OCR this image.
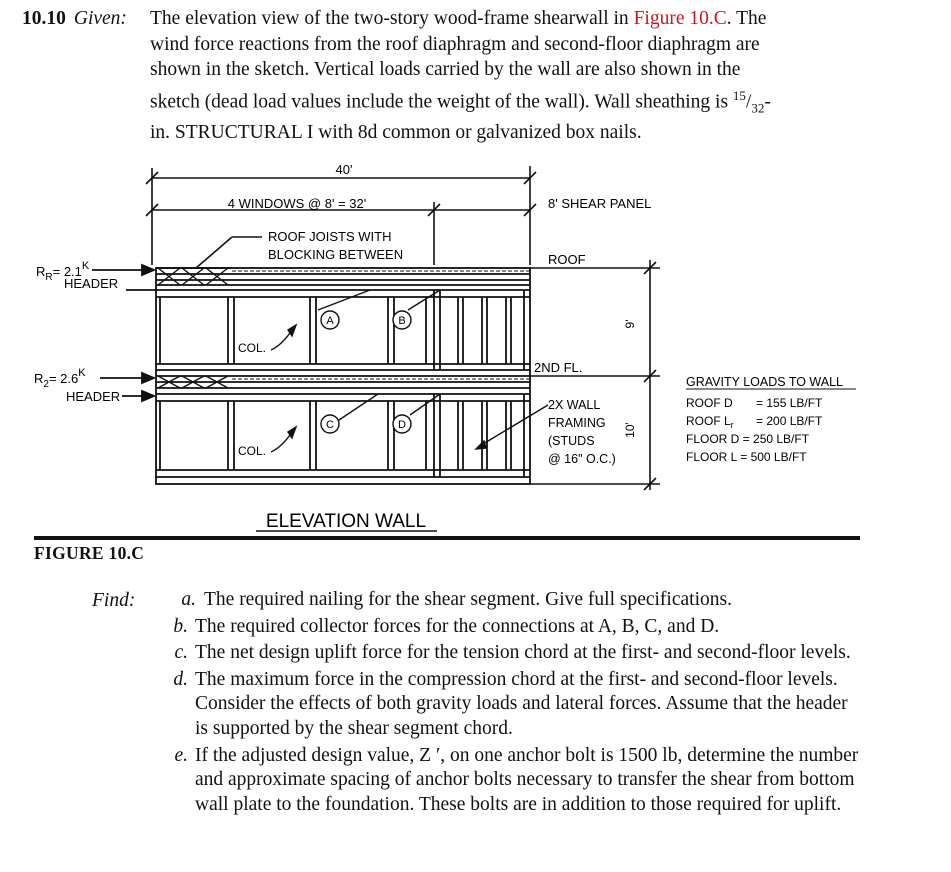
10.10 Given: The elevation view of the two-story wood-frame shearwall in Figure 10.C. The
wind force reactions from the roof diaphragm and second-floor diaphragm are
shown in the sketch. Vertical loads carried by the wall are also shown in the
sketch (dead load values include the weight of the wall). Wall sheathing is $^{15}/_{32}-$
in. STRUCTURAL I with 8d common or galvanized box nails.
40'
4 WINDOWS @ 8' = 32'	8' SHEAR PANEL
ROOF JOISTS WITH
BLOCKING BETWEEN
$R_R= 2.1^K$
HEADER
$R_2= 2.6^K$
HEADER
COL.
COL.
A	B
C	D
ROOF
2ND FL.
9'
10'
2X WALL
FRAMING
(STUDS
@ 16" O.C.)
ELEVATION WALL
GRAVITY LOADS TO WALL
ROOF D = 155 LB/FT
ROOF $L_r = 200$ LB/FT
FLOOR D = 250 LB/FT
FLOOR L = 500 LB/FT
FIGURE 10.C
Find:	a. The required nailing for the shear segment. Give full specifications.
b. The required collector forces for the connections at A, B, C, and D.
c. The net design uplift force for the tension chord at the first- and second-floor levels.
d. The maximum force in the compression chord at the first- and second-floor levels. Consider the effects of both gravity loads and lateral forces. Assume that the header is supported by the shear segment chord.
e. If the adjusted design value, Z ′, on one anchor bolt is 1500 lb, determine the number and approximate spacing of anchor bolts necessary to transfer the shear from bottom wall plate to the foundation. These bolts are in addition to those required for uplift.
